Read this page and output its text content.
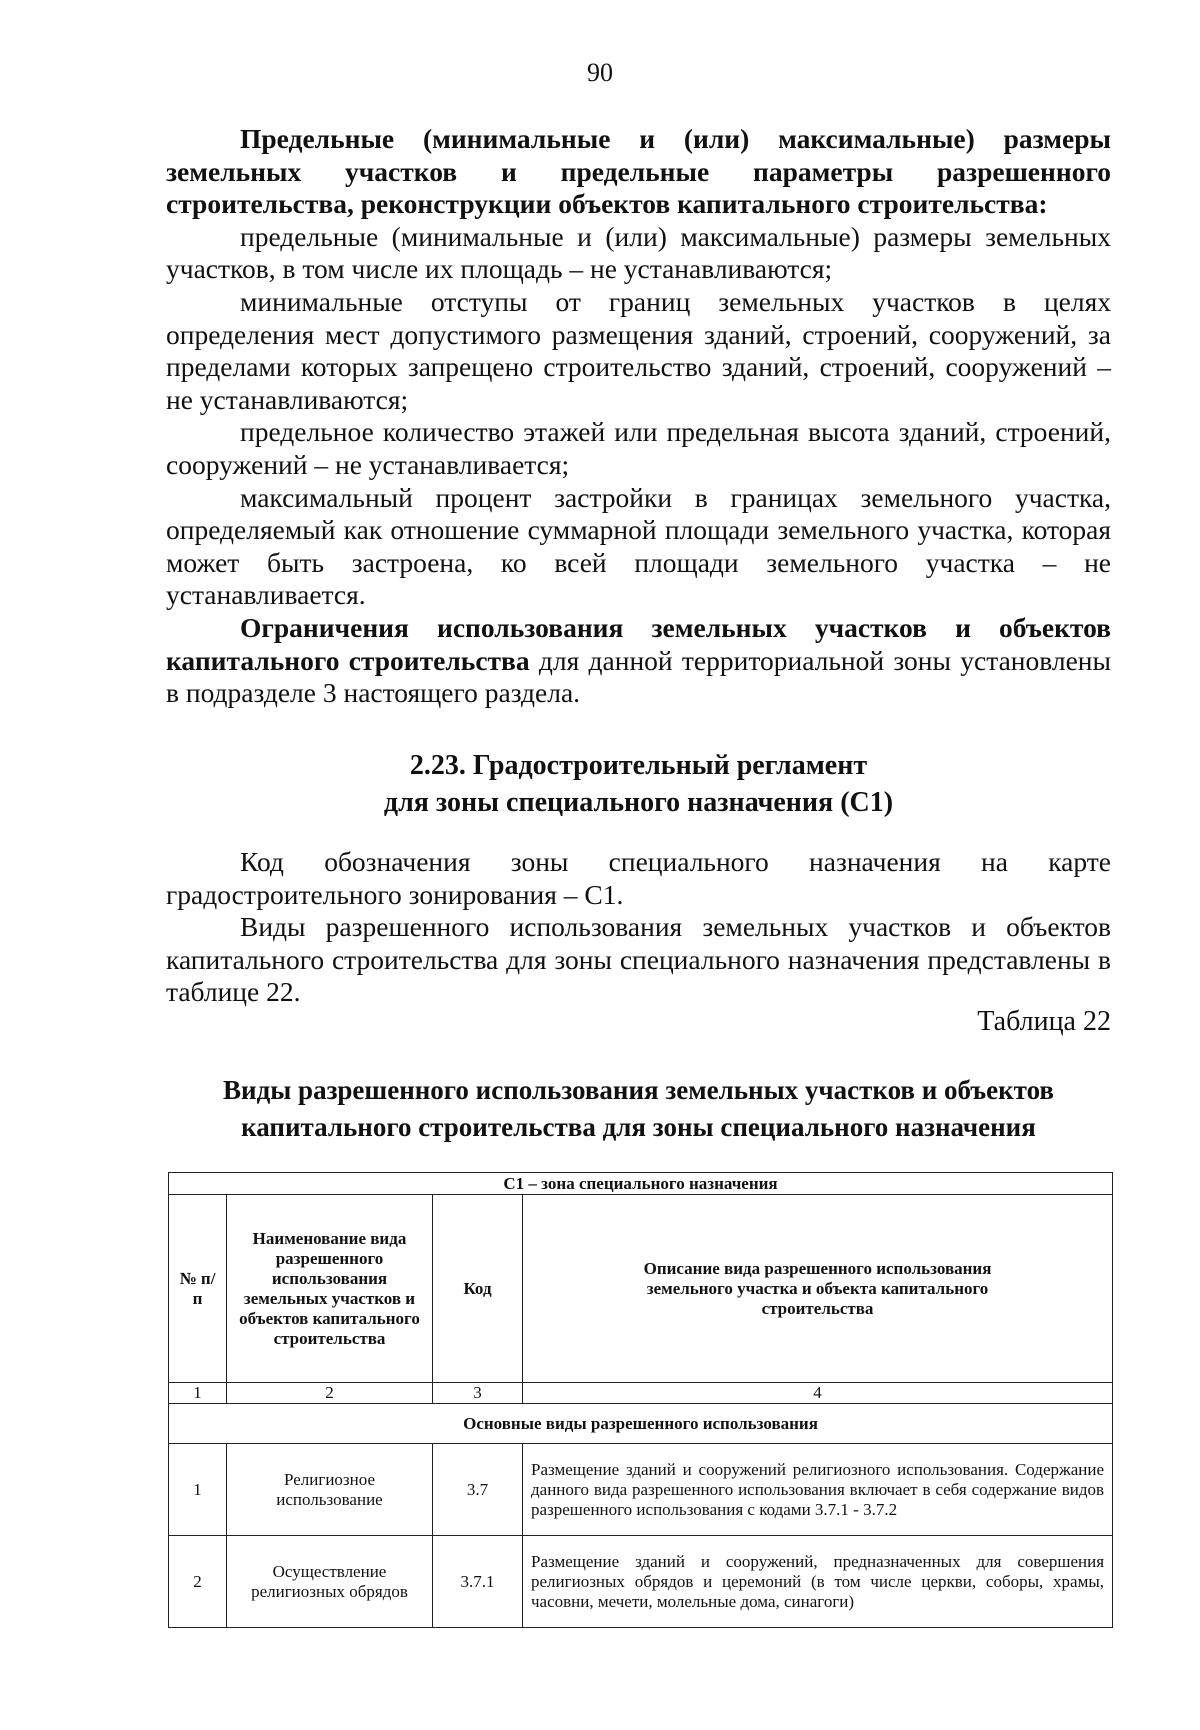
90

Предельные (минимальные и (или) максимальные) размеры земельных участков и предельные параметры разрешенного строительства, реконструкции объектов капитального строительства:

предельные (минимальные и (или) максимальные) размеры земельных участков, в том числе их площадь – не устанавливаются;

минимальные отступы от границ земельных участков в целях определения мест допустимого размещения зданий, строений, сооружений, за пределами которых запрещено строительство зданий, строений, сооружений – не устанавливаются;

предельное количество этажей или предельная высота зданий, строений, сооружений – не устанавливается;

максимальный процент застройки в границах земельного участка, определяемый как отношение суммарной площади земельного участка, которая может быть застроена, ко всей площади земельного участка – не устанавливается.

Ограничения использования земельных участков и объектов капитального строительства для данной территориальной зоны установлены в подразделе 3 настоящего раздела.

2.23. Градостроительный регламент
для зоны специального назначения (С1)

Код обозначения зоны специального назначения на карте градостроительного зонирования – С1.

Виды разрешенного использования земельных участков и объектов капитального строительства для зоны специального назначения представлены в таблице 22.

Таблица 22
Виды разрешенного использования земельных участков и объектов
капитального строительства для зоны специального назначения
С1 – зона специального назначения			
№ п/п	Наименование вида разрешенного использования земельных участков и объектов капитального строительства	Код	Описание вида разрешенного использования земельного участка и объекта капитального строительства
1	2	3	4
Основные виды разрешенного использования			
1	Религиозное использование	3.7	Размещение зданий и сооружений религиозного использования. Содержание данного вида разрешенного использования включает в себя содержание видов разрешенного использования с кодами 3.7.1 - 3.7.2
2	Осуществление религиозных обрядов	3.7.1	Размещение зданий и сооружений, предназначенных для совершения религиозных обрядов и церемоний (в том числе церкви, соборы, храмы, часовни, мечети, молельные дома, синагоги)
